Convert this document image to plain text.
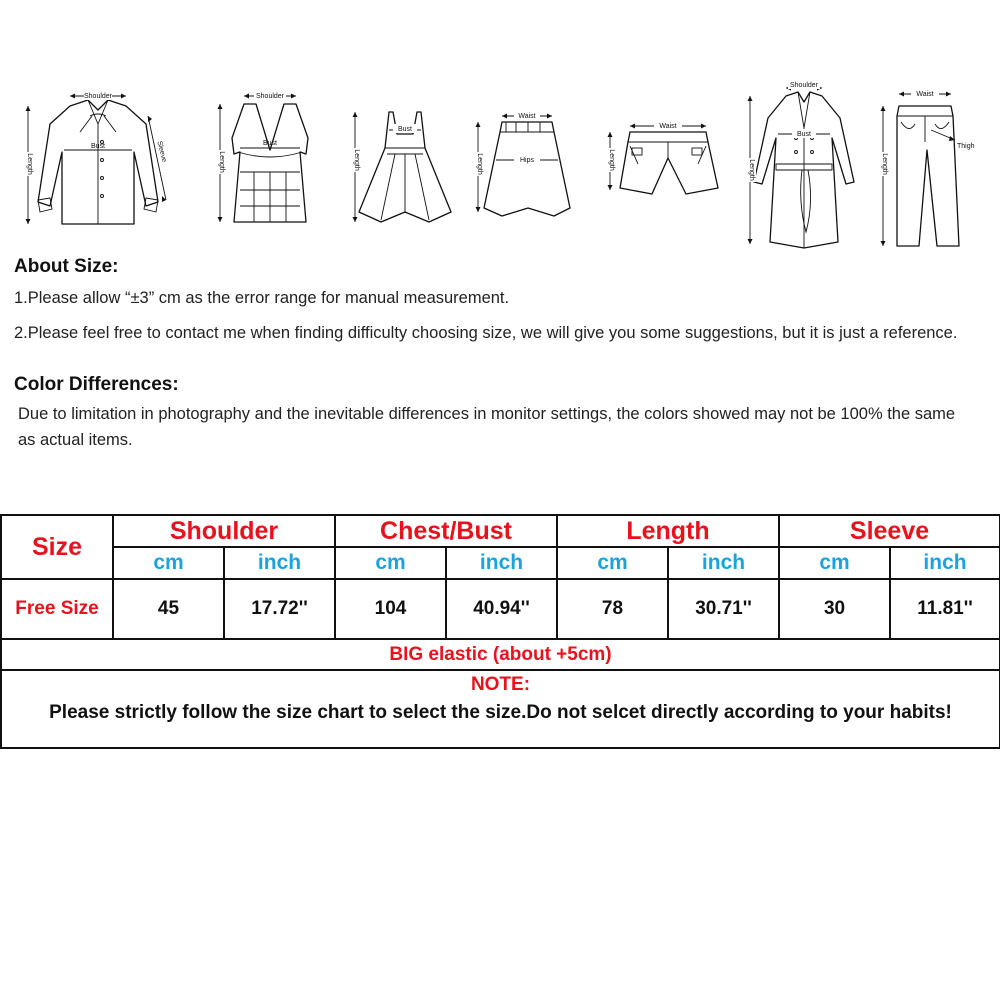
Shoulder
Bust
Length
Sleeve
Shoulder
Bust
Length
Bust
Length
Waist
Hips
Length
Waist
Length
Shoulder
Bust
Length
Waist
Thigh
Length
About Size:
1.Please allow “±3” cm as the error range for manual measurement.
2.Please feel free to contact me when finding difficulty choosing size, we will give you some suggestions, but it is just a reference.
Color Differences:
Due to limitation in photography and the inevitable differences in monitor settings, the colors showed may not be 100% the same as actual items.
Size	Shoulder		Chest/Bust		Length		Sleeve	
	cm	inch	cm	inch	cm	inch	cm	inch
Free Size	45	17.72''	104	40.94''	78	30.71''	30	11.81''
BIG elastic (about +5cm)								

NOTE:
Please strictly follow the size chart to select the size.Do not selcet directly according to your habits!								
